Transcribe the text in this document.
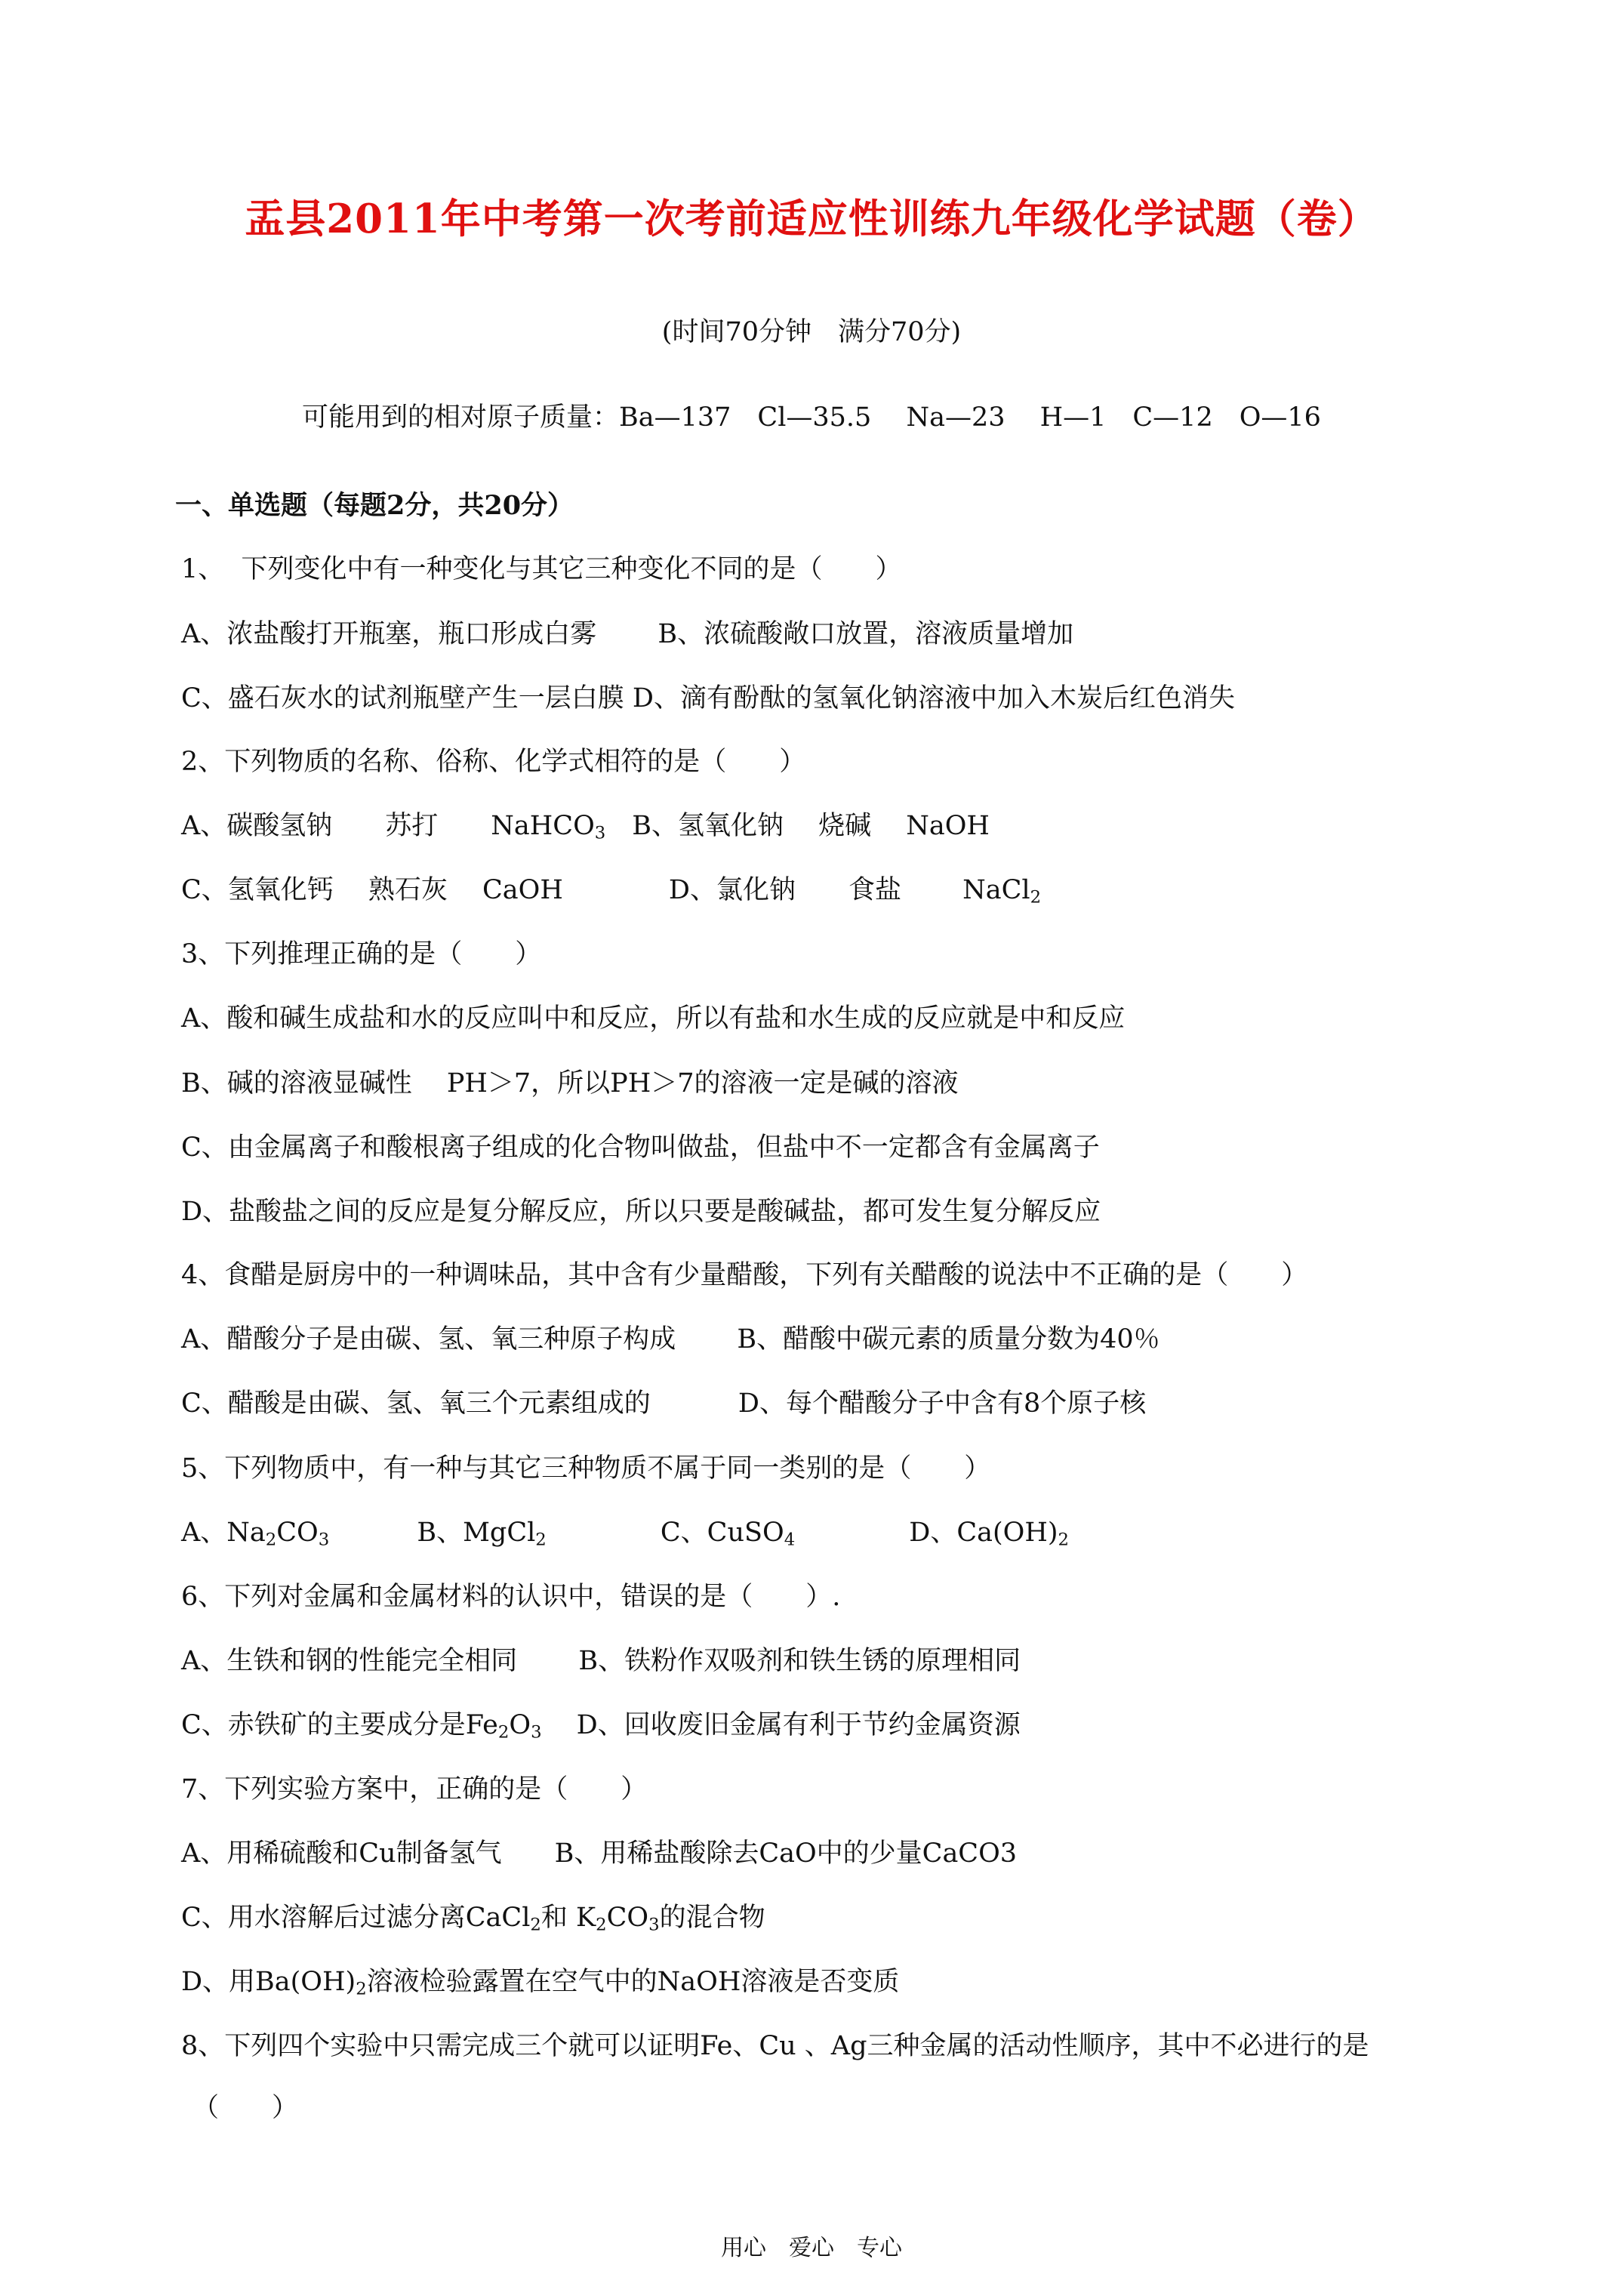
盂县2011年中考第一次考前适应性训练九年级化学试题（卷）
(时间70分钟　满分70分)
可能用到的相对原子质量：Ba—137　Cl—35.5　 Na—23　 H—1　C—12　O—16
一、单选题（每题2分，共20分）
1、  下列变化中有一种变化与其它三种变化不同的是（　　）
A、浓盐酸打开瓶塞，瓶口形成白雾　　 B、浓硫酸敞口放置，溶液质量增加
C、盛石灰水的试剂瓶壁产生一层白膜 D、滴有酚酞的氢氧化钠溶液中加入木炭后红色消失
2、下列物质的名称、俗称、化学式相符的是（　　）
A、碳酸氢钠　　苏打　　NaHCO$_3$　B、氢氧化钠　 烧碱　 NaOH
C、氢氧化钙　 熟石灰　 CaOH　　　　D、氯化钠　　食盐　　 NaCl$_2$
3、下列推理正确的是（　　）
A、酸和碱生成盐和水的反应叫中和反应，所以有盐和水生成的反应就是中和反应
B、碱的溶液显碱性　 PH＞7，所以PH＞7的溶液一定是碱的溶液
C、由金属离子和酸根离子组成的化合物叫做盐，但盐中不一定都含有金属离子
D、盐酸盐之间的反应是复分解反应，所以只要是酸碱盐，都可发生复分解反应
4、食醋是厨房中的一种调味品，其中含有少量醋酸，下列有关醋酸的说法中不正确的是（　　）
A、醋酸分子是由碳、氢、氧三种原子构成　　 B、醋酸中碳元素的质量分数为40％
C、醋酸是由碳、氢、氧三个元素组成的　　　 D、每个醋酸分子中含有8个原子核
5、下列物质中，有一种与其它三种物质不属于同一类别的是（　　）
A、$Na_2CO_3$　　　 B、MgCl$_2$　　　　 C、CuSO$_4$　　　　 D、$Ca(OH)_2$
6、下列对金属和金属材料的认识中，错误的是（　　）.
A、生铁和钢的性能完全相同　　 B、铁粉作双吸剂和铁生锈的原理相同
C、赤铁矿的主要成分是$Fe_2O_3$　 D、回收废旧金属有利于节约金属资源
7、下列实验方案中，正确的是（　　）
A、用稀硫酸和Cu制备氢气　　B、用稀盐酸除去CaO中的少量CaCO3
C、用水溶解后过滤分离CaCl$_2$和 $K_2CO_3$的混合物
D、用$Ba(OH)_2$溶液检验露置在空气中的NaOH溶液是否变质
8、下列四个实验中只需完成三个就可以证明Fe、Cu 、Ag三种金属的活动性顺序，其中不必进行的是
（　　）
用心　爱心　专心
